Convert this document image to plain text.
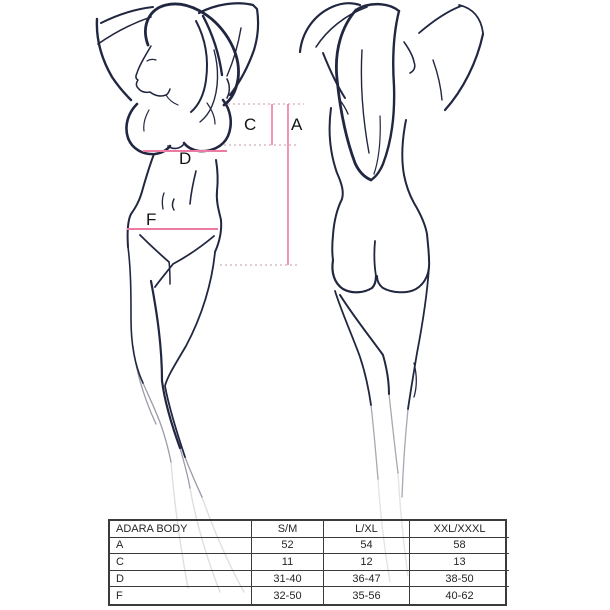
C A
D
F
ADARA BODY	S/M	L/XL	XXL/XXXL
A	52	54	58
C	11	12	13
D	31-40	36-47	38-50
F	32-50	35-56	40-62
